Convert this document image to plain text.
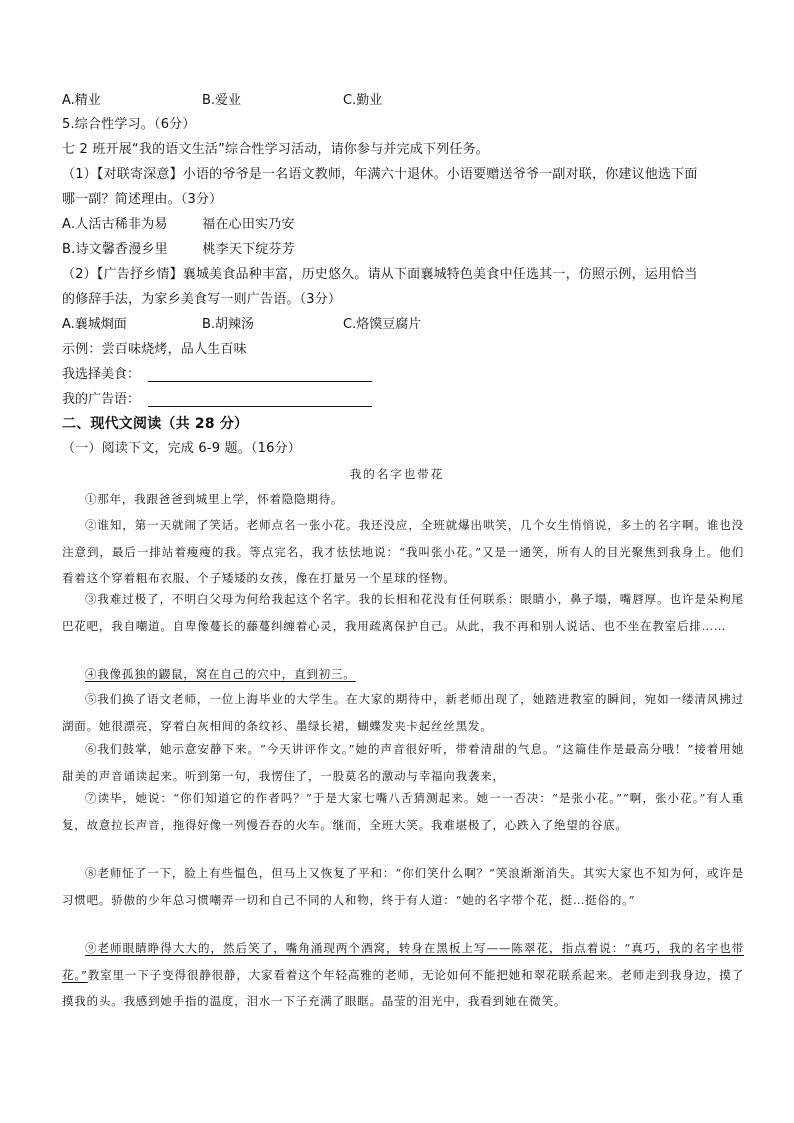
A.精业	B.爱业	C.勤业
5.综合性学习。（6分）
七 2 班开展“我的语文生活”综合性学习活动，请你参与并完成下列任务。
（1）【对联寄深意】小语的爷爷是一名语文教师，年满六十退休。小语要赠送爷爷一副对联，你建议他选下面
哪一副？简述理由。（3分）
A.人活古稀非为易        福在心田实乃安
B.诗文馨香漫乡里        桃李天下绽芬芳
（2）【广告抒乡情】襄城美食品种丰富，历史悠久。请从下面襄城特色美食中任选其一，仿照示例，运用恰当
的修辞手法，为家乡美食写一则广告语。（3分）
A.襄城烱面	B.胡辣汤	C.烙馍豆腐片
示例：尝百味烧烤，品人生百味
我选择美食：
我的广告语：
二、现代文阅读（共 28 分）
（一）阅读下文，完成 6-9 题。（16分）
我的名字也带花
①那年，我跟爸爸到城里上学，怀着隐隐期待。
②谁知，第一天就闹了笑话。老师点名一张小花。我还没应，全班就爆出哄笑，几个女生悄悄说，多土的名字啊。谁也没注意到，最后一排站着瘦瘦的我。等点完名，我才怯怯地说：“我叫张小花。”又是一通笑，所有人的目光聚焦到我身上。他们看着这个穿着粗布衣服、个子矮矮的女孩，像在打量另一个星球的怪物。
③我难过极了，不明白父母为何给我起这个名字。我的长相和花没有任何联系：眼睛小，鼻子塌，嘴唇厚。也许是朵枸尾巴花吧，我自嘲道。自卑像蔓长的藤蔓纠缠着心灵，我用疏离保护自己。从此，我不再和别人说话、也不坐在教室后排……
④我像孤独的鼹鼠，窝在自己的穴中，直到初三。
⑤我们换了语文老师，一位上海毕业的大学生。在大家的期待中，新老师出现了，她踏进教室的瞬间，宛如一缕清风拂过湖面。她很漂亮，穿着白灰相间的条纹衫、墨绿长裙，蝴蝶发夹卡起丝丝黑发。
⑥我们鼓掌，她示意安静下来。“今天讲评作文。”她的声音很好听，带着清甜的气息。“这篇佳作是最高分哦！”接着用她甜美的声音诵读起来。听到第一句，我愣住了，一股莫名的激动与幸福向我袭来，
⑦读毕，她说：“你们知道它的作者吗？”于是大家七嘴八舌猜测起来。她一一否决：“是张小花。”“啊，张小花。”有人重复，故意拉长声音，拖得好像一列慢吞吞的火车。继而，全班大笑。我难堪极了，心跌入了绝望的谷底。
⑧老师怔了一下，脸上有些愠色，但马上又恢复了平和：“你们笑什么啊？”笑浪渐渐消失。其实大家也不知为何，或许是习惯吧。骄傲的少年总习惯嘲弄一切和自己不同的人和物，终于有人道：“她的名字带个花，挺…挺俗的。”
⑨老师眼睛睁得大大的，然后笑了，嘴角涌现两个酒窝，转身在黑板上写——陈翠花，指点着说：“真巧，我的名字也带花。”教室里一下子变得很静很静，大家看着这个年轻高雅的老师，无论如何不能把她和翠花联系起来。老师走到我身边，摸了摸我的头。我感到她手指的温度，泪水一下子充满了眼眶。晶莹的泪光中，我看到她在微笑。
